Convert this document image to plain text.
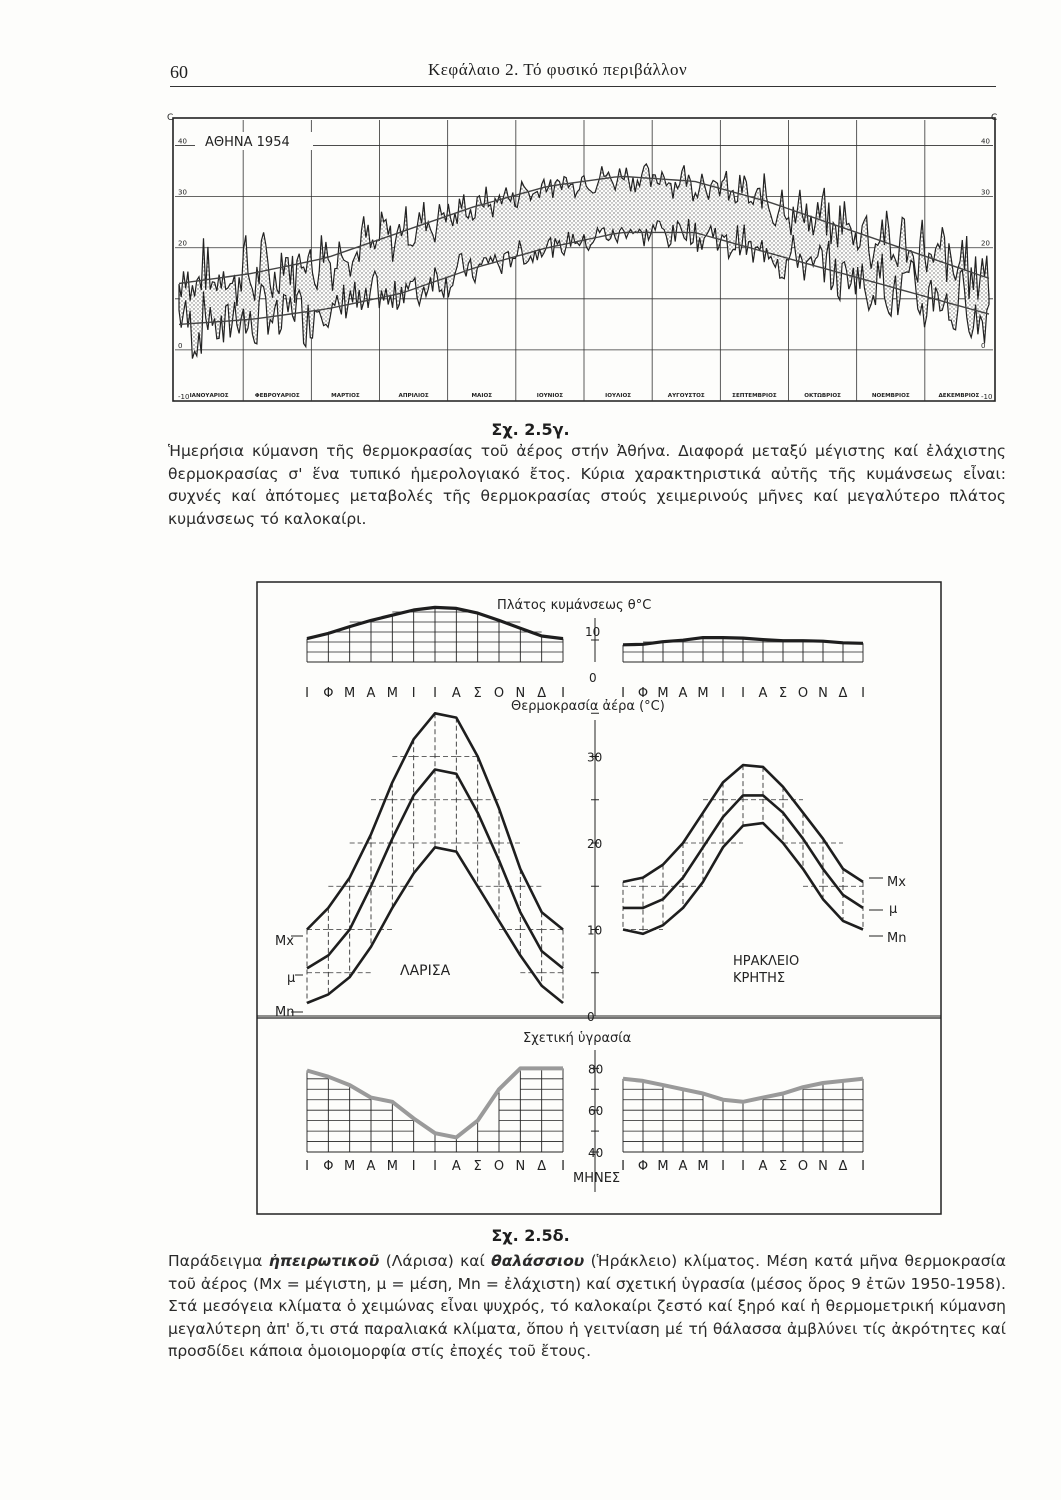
60	Κεφάλαιο 2. Τό φυσικό περιβάλλον
40	40
30	30
20	20
0	0
-10	-10
ΙΑΝΟΥΑΡΙΟΣ	ΦΕΒΡΟΥΑΡΙΟΣ	ΜΑΡΤΙΟΣ	ΑΠΡΙΛΙΟΣ	ΜΑΙΟΣ	ΙΟΥΝΙΟΣ	ΙΟΥΛΙΟΣ	ΑΥΓΟΥΣΤΟΣ	ΣΕΠΤΕΜΒΡΙΟΣ	ΟΚΤΩΒΡΙΟΣ	ΝΟΕΜΒΡΙΟΣ	ΔΕΚΕΜΒΡΙΟΣ
ΑΘΗΝΑ 1954
C	C
Σχ. 2.5γ.
Ἡμερήσια κύμανση τῆς θερμοκρασίας τοῦ ἀέρος στήν Ἀθήνα. Διαφορά μεταξύ μέγιστης καί ἐλάχιστης θερμοκρασίας σ' ἕνα τυπικό ἡμερολογιακό ἔτος. Κύρια χαρακτηριστικά αὐτῆς τῆς κυμάνσεως εἶναι: συχνές καί ἀπότομες μεταβολές τῆς θερμοκρασίας στούς χειμερινούς μῆνες καί μεγαλύτερο πλάτος κυμάνσεως τό καλοκαίρι.
Πλάτος κυμάνσεως θ°C
Θερμοκρασία ἀέρα (°C)
Σχετική ὑγρασία
ΜΗΝΕΣ
10
0
Ι Φ Μ Α Μ Ι Ι Α Σ Ο Ν Δ Ι	Ι Φ Μ Α Μ Ι Ι Α Σ Ο Ν Δ Ι
30
20
10
0
80
60
40
Ι Φ Μ Α Μ Ι Ι Α Σ Ο Ν Δ Ι	Ι Φ Μ Α Μ Ι Ι Α Σ Ο Ν Δ Ι
ΛΑΡΙΣΑ
ΗΡΑΚΛΕΙΟ
ΚΡΗΤΗΣ
Mx
μ
Mn
Mx
μ
Mn
Σχ. 2.5δ.
Παράδειγμα ἠπειρωτικοῦ (Λάρισα) καί θαλάσσιου (Ἡράκλειο) κλίματος. Μέση κατά μῆνα θερμοκρασία τοῦ ἀέρος (Mx = μέγιστη, μ = μέση, Mn = ἐλάχιστη) καί σχετική ὑγρασία (μέσος ὅρος 9 ἐτῶν 1950-1958). Στά μεσόγεια κλίματα ὁ χειμώνας εἶναι ψυχρός, τό καλοκαίρι ζεστό καί ξηρό καί ἡ θερμομετρική κύμανση μεγαλύτερη ἀπ' ὅ,τι στά παραλιακά κλίματα, ὅπου ἡ γειτνίαση μέ τή θάλασσα ἀμβλύνει τίς ἀκρότητες καί προσδίδει κάποια ὁμοιομορφία στίς ἐποχές τοῦ ἔτους.
